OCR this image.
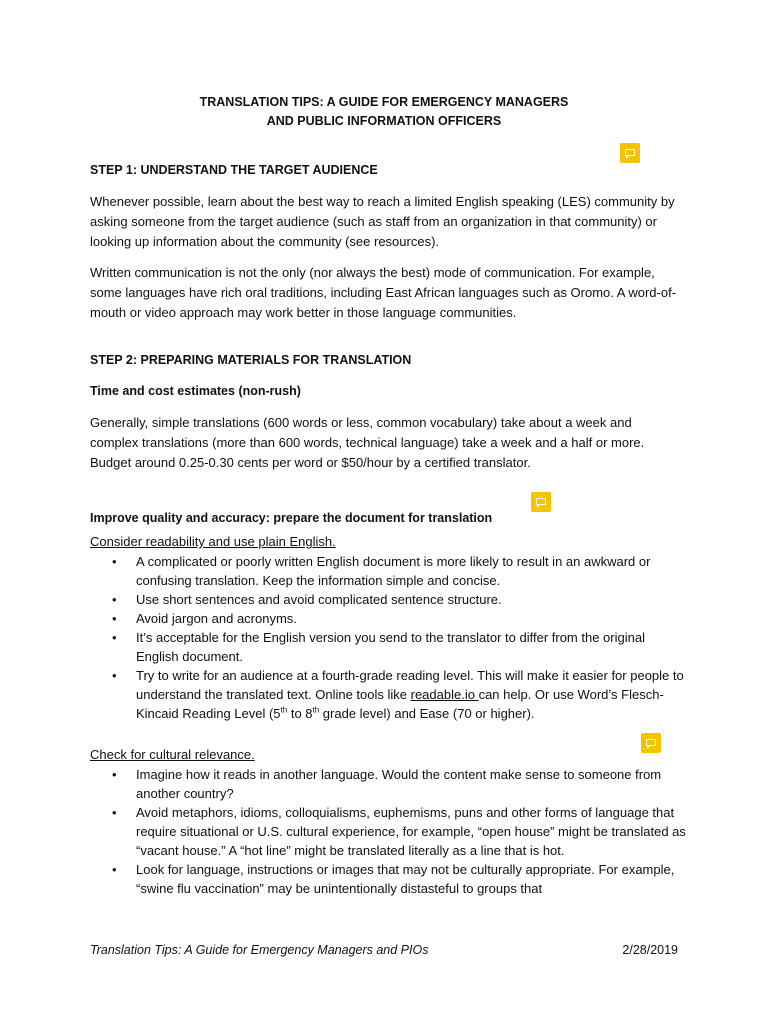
TRANSLATION TIPS: A GUIDE FOR EMERGENCY MANAGERS
AND PUBLIC INFORMATION OFFICERS
STEP 1: UNDERSTAND THE TARGET AUDIENCE

Whenever possible, learn about the best way to reach a limited English speaking (LES) community by asking someone from the target audience (such as staff from an organization in that community) or looking up information about the community (see resources).

Written communication is not the only (nor always the best) mode of communication. For example, some languages have rich oral traditions, including East African languages such as Oromo. A word-of-mouth or video approach may work better in those language communities.

STEP 2: PREPARING MATERIALS FOR TRANSLATION
Time and cost estimates (non-rush)

Generally, simple translations (600 words or less, common vocabulary) take about a week and complex translations (more than 600 words, technical language) take a week and a half or more. Budget around 0.25-0.30 cents per word or $50/hour by a certified translator.

Improve quality and accuracy: prepare the document for translation
Consider readability and use plain English.
• A complicated or poorly written English document is more likely to result in an awkward or confusing translation. Keep the information simple and concise.
• Use short sentences and avoid complicated sentence structure.
• Avoid jargon and acronyms.
• It’s acceptable for the English version you send to the translator to differ from the original English document.
• Try to write for an audience at a fourth-grade reading level. This will make it easier for people to understand the translated text. Online tools like readable.io can help. Or use Word’s Flesch-Kincaid Reading Level (5th to 8th grade level) and Ease (70 or higher).
Check for cultural relevance.
• Imagine how it reads in another language. Would the content make sense to someone from another country?
• Avoid metaphors, idioms, colloquialisms, euphemisms, puns and other forms of language that require situational or U.S. cultural experience, for example, “open house” might be translated as “vacant house.” A “hot line” might be translated literally as a line that is hot.
• Look for language, instructions or images that may not be culturally appropriate. For example, “swine flu vaccination” may be unintentionally distasteful to groups that
Translation Tips: A Guide for Emergency Managers and PIOs	2/28/2019
